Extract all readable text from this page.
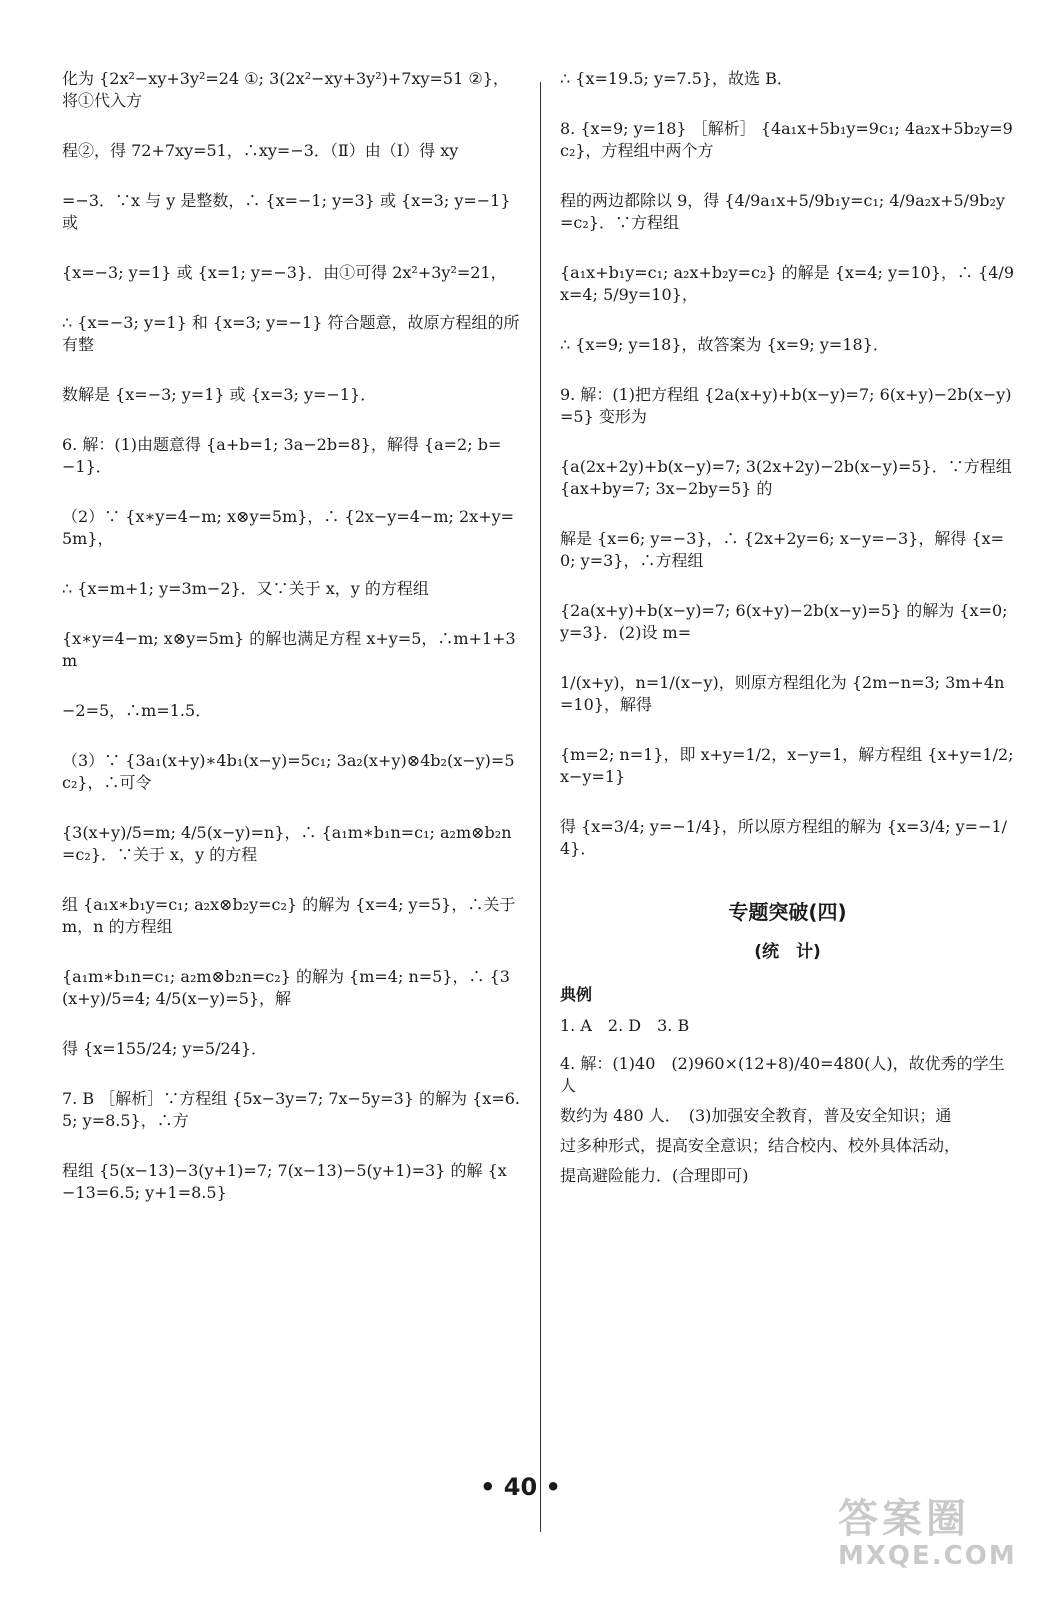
化为 {2x²−xy+3y²=24 ①; 3(2x²−xy+3y²)+7xy=51 ②}，将①代入方

程②，得 72+7xy=51，∴xy=−3．（Ⅱ）由（Ⅰ）得 xy

=−3．∵x 与 y 是整数，∴ {x=−1; y=3} 或 {x=3; y=−1} 或

{x=−3; y=1} 或 {x=1; y=−3}．由①可得 2x²+3y²=21，

∴ {x=−3; y=1} 和 {x=3; y=−1} 符合题意，故原方程组的所有整

数解是 {x=−3; y=1} 或 {x=3; y=−1}．

6. 解：(1)由题意得 {a+b=1; 3a−2b=8}，解得 {a=2; b=−1}．

（2）∵ {x∗y=4−m; x⊗y=5m}，∴ {2x−y=4−m; 2x+y=5m}，

∴ {x=m+1; y=3m−2}．又∵关于 x，y 的方程组

{x∗y=4−m; x⊗y=5m} 的解也满足方程 x+y=5，∴m+1+3m

−2=5，∴m=1.5．

（3）∵ {3a₁(x+y)∗4b₁(x−y)=5c₁; 3a₂(x+y)⊗4b₂(x−y)=5c₂}，∴可令

{3(x+y)/5=m; 4/5(x−y)=n}，∴ {a₁m∗b₁n=c₁; a₂m⊗b₂n=c₂}．∵关于 x，y 的方程

组 {a₁x∗b₁y=c₁; a₂x⊗b₂y=c₂} 的解为 {x=4; y=5}，∴关于 m，n 的方程组

{a₁m∗b₁n=c₁; a₂m⊗b₂n=c₂} 的解为 {m=4; n=5}，∴ {3(x+y)/5=4; 4/5(x−y)=5}，解

得 {x=155/24; y=5/24}．

7. B ［解析］∵方程组 {5x−3y=7; 7x−5y=3} 的解为 {x=6.5; y=8.5}，∴方

程组 {5(x−13)−3(y+1)=7; 7(x−13)−5(y+1)=3} 的解 {x−13=6.5; y+1=8.5}

∴ {x=19.5; y=7.5}，故选 B．

8. {x=9; y=18} ［解析］ {4a₁x+5b₁y=9c₁; 4a₂x+5b₂y=9c₂}，方程组中两个方

程的两边都除以 9，得 {4/9a₁x+5/9b₁y=c₁; 4/9a₂x+5/9b₂y=c₂}．∵方程组

{a₁x+b₁y=c₁; a₂x+b₂y=c₂} 的解是 {x=4; y=10}，∴ {4/9x=4; 5/9y=10}，

∴ {x=9; y=18}，故答案为 {x=9; y=18}．

9. 解：(1)把方程组 {2a(x+y)+b(x−y)=7; 6(x+y)−2b(x−y)=5} 变形为

{a(2x+2y)+b(x−y)=7; 3(2x+2y)−2b(x−y)=5}．∵方程组 {ax+by=7; 3x−2by=5} 的

解是 {x=6; y=−3}，∴ {2x+2y=6; x−y=−3}，解得 {x=0; y=3}，∴方程组

{2a(x+y)+b(x−y)=7; 6(x+y)−2b(x−y)=5} 的解为 {x=0; y=3}．(2)设 m=

1/(x+y)，n=1/(x−y)，则原方程组化为 {2m−n=3; 3m+4n=10}，解得

{m=2; n=1}，即 x+y=1/2，x−y=1，解方程组 {x+y=1/2; x−y=1}

得 {x=3/4; y=−1/4}，所以原方程组的解为 {x=3/4; y=−1/4}．

专题突破(四)
(统　计)
典例

1. A　2. D　3. B

4. 解：(1)40　(2)960×(12+8)/40=480(人)，故优秀的学生人

数约为 480 人．　(3)加强安全教育，普及安全知识；通

过多种形式，提高安全意识；结合校内、校外具体活动，

提高避险能力．(合理即可)

• 40 •
答案圈
MXQE.COM
